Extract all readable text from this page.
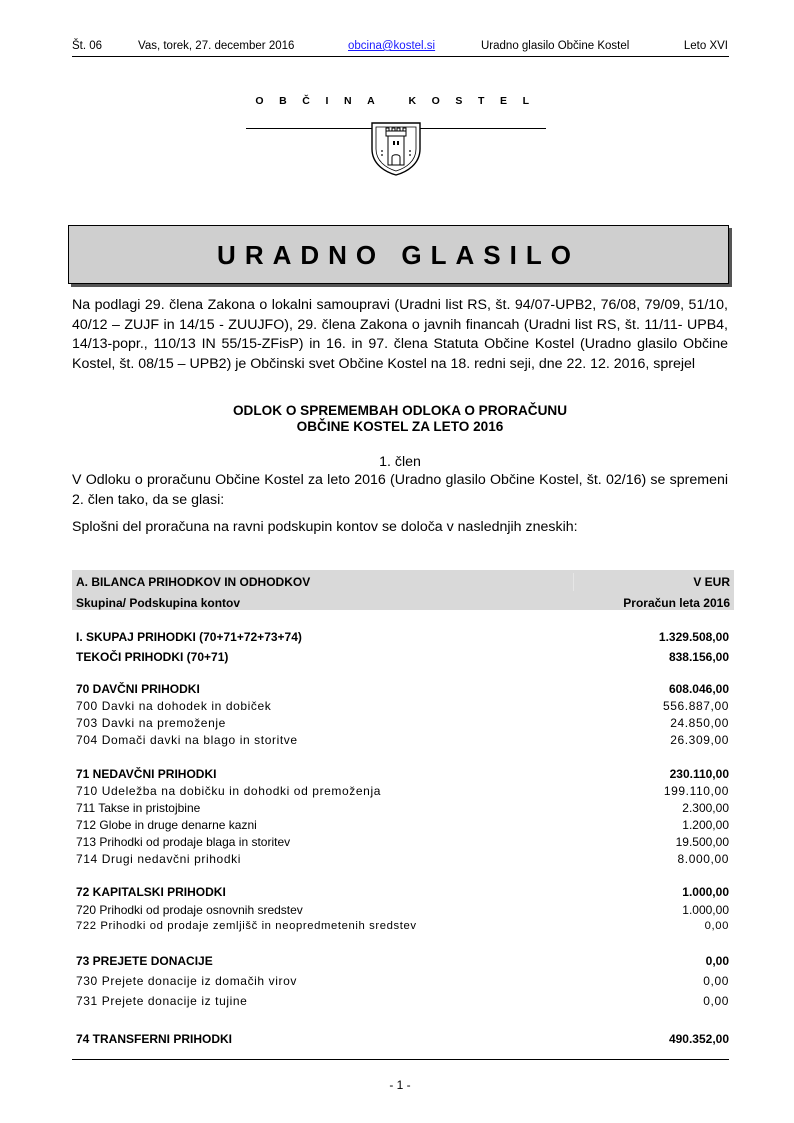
Št. 06	Vas, torek, 27. december 2016	obcina@kostel.si	Uradno glasilo Občine Kostel	Leto XVI
OBČINA KOSTEL
URADNO GLASILO
Na podlagi 29. člena Zakona o lokalni samoupravi (Uradni list RS, št. 94/07-UPB2, 76/08, 79/09, 51/10, 40/12 – ZUJF in 14/15 - ZUUJFO), 29. člena Zakona o javnih financah (Uradni list RS, št. 11/11- UPB4, 14/13-popr., 110/13 IN 55/15-ZFisP) in 16. in 97. člena Statuta Občine Kostel (Uradno glasilo Občine Kostel, št. 08/15 – UPB2) je Občinski svet Občine Kostel na 18. redni seji, dne 22. 12. 2016, sprejel
ODLOK O SPREMEMBAH ODLOKA O PRORAČUNU
OBČINE KOSTEL ZA LETO 2016
1. člen
V Odloku o proračunu Občine Kostel za leto 2016 (Uradno glasilo Občine Kostel, št. 02/16) se spremeni 2. člen tako, da se glasi:
Splošni del proračuna na ravni podskupin kontov se določa v naslednjih zneskih:
A. BILANCA PRIHODKOV IN ODHODKOV	V EUR
Skupina/ Podskupina kontov	Proračun leta 2016
I. SKUPAJ PRIHODKI (70+71+72+73+74)	1.329.508,00
TEKOČI PRIHODKI (70+71)	838.156,00
70 DAVČNI PRIHODKI	608.046,00
700 Davki na dohodek in dobiček	556.887,00
703 Davki na premoženje	24.850,00
704 Domači davki na blago in storitve	26.309,00
71 NEDAVČNI PRIHODKI	230.110,00
710 Udeležba na dobičku in dohodki od premoženja	199.110,00
711 Takse in pristojbine	2.300,00
712 Globe in druge denarne kazni	1.200,00
713 Prihodki od prodaje blaga in storitev	19.500,00
714 Drugi nedavčni prihodki	8.000,00
72 KAPITALSKI PRIHODKI	1.000,00
720 Prihodki od prodaje osnovnih sredstev	1.000,00
722 Prihodki od prodaje zemljišč in neopredmetenih sredstev	0,00
73 PREJETE DONACIJE	0,00
730 Prejete donacije iz domačih virov	0,00
731 Prejete donacije iz tujine	0,00
74 TRANSFERNI PRIHODKI	490.352,00
- 1 -
